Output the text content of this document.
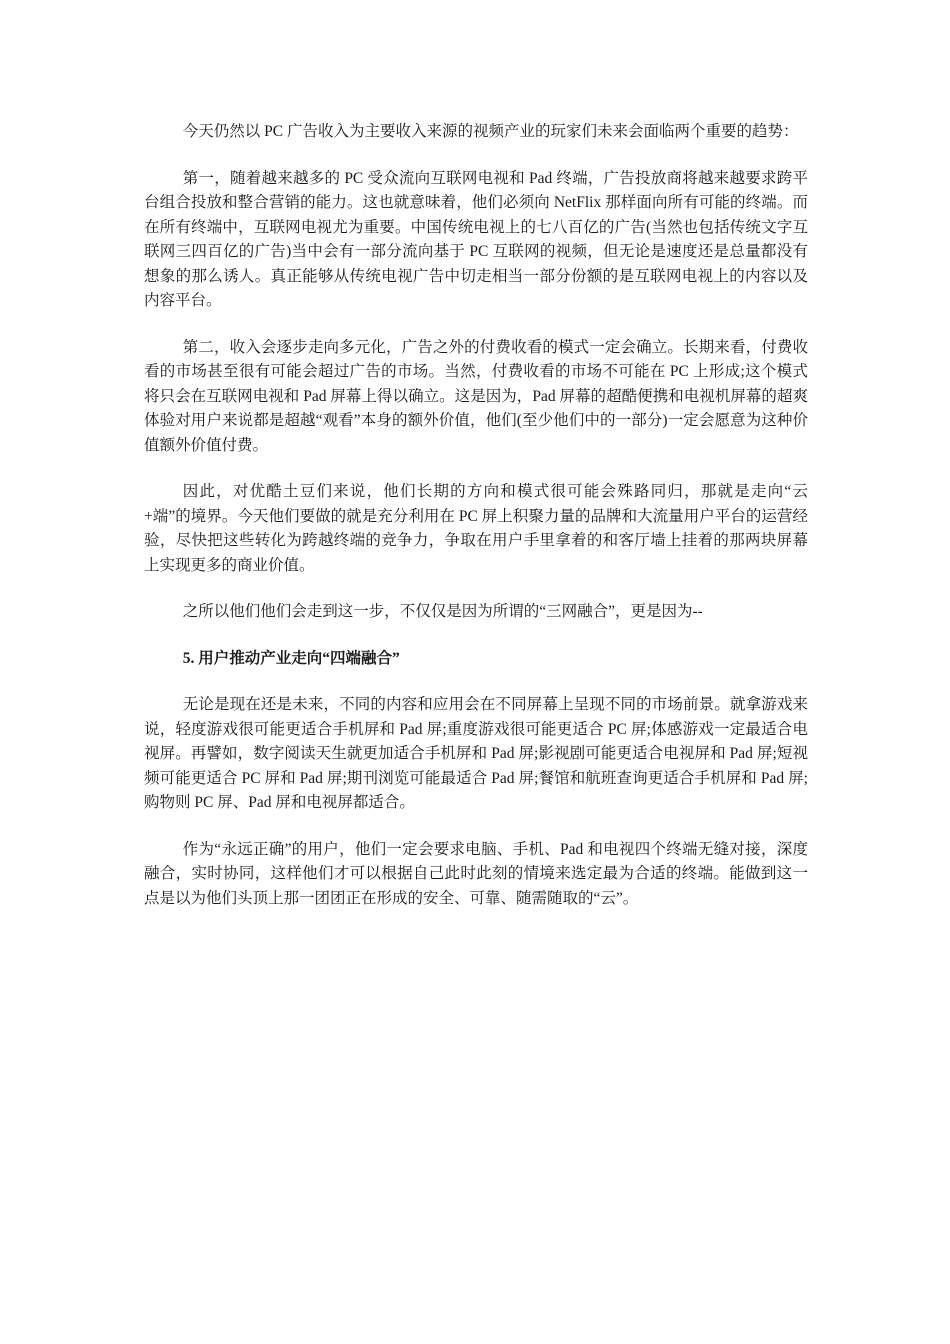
今天仍然以 PC 广告收入为主要收入来源的视频产业的玩家们未来会面临两个重要的趋势：

第一，随着越来越多的 PC 受众流向互联网电视和 Pad 终端，广告投放商将越来越要求跨平台组合投放和整合营销的能力。这也就意味着，他们必须向 NetFlix 那样面向所有可能的终端。而在所有终端中，互联网电视尤为重要。中国传统电视上的七八百亿的广告(当然也包括传统文字互联网三四百亿的广告)当中会有一部分流向基于 PC 互联网的视频，但无论是速度还是总量都没有想象的那么诱人。真正能够从传统电视广告中切走相当一部分份额的是互联网电视上的内容以及内容平台。

第二，收入会逐步走向多元化，广告之外的付费收看的模式一定会确立。长期来看，付费收看的市场甚至很有可能会超过广告的市场。当然，付费收看的市场不可能在 PC 上形成;这个模式将只会在互联网电视和 Pad 屏幕上得以确立。这是因为，Pad 屏幕的超酷便携和电视机屏幕的超爽体验对用户来说都是超越“观看”本身的额外价值，他们(至少他们中的一部分)一定会愿意为这种价值额外价值付费。

因此，对优酷土豆们来说，他们长期的方向和模式很可能会殊路同归，那就是走向“云+端”的境界。今天他们要做的就是充分利用在 PC 屏上积聚力量的品牌和大流量用户平台的运营经验，尽快把这些转化为跨越终端的竞争力，争取在用户手里拿着的和客厅墙上挂着的那两块屏幕上实现更多的商业价值。

之所以他们他们会走到这一步，不仅仅是因为所谓的“三网融合”，更是因为--

5. 用户推动产业走向“四端融合”

无论是现在还是未来，不同的内容和应用会在不同屏幕上呈现不同的市场前景。就拿游戏来说，轻度游戏很可能更适合手机屏和 Pad 屏;重度游戏很可能更适合 PC 屏;体感游戏一定最适合电视屏。再譬如，数字阅读天生就更加适合手机屏和 Pad 屏;影视剧可能更适合电视屏和 Pad 屏;短视频可能更适合 PC 屏和 Pad 屏;期刊浏览可能最适合 Pad 屏;餐馆和航班查询更适合手机屏和 Pad 屏;购物则 PC 屏、Pad 屏和电视屏都适合。

作为“永远正确”的用户，他们一定会要求电脑、手机、Pad 和电视四个终端无缝对接，深度融合，实时协同，这样他们才可以根据自己此时此刻的情境来选定最为合适的终端。能做到这一点是以为他们头顶上那一团团正在形成的安全、可靠、随需随取的“云”。
